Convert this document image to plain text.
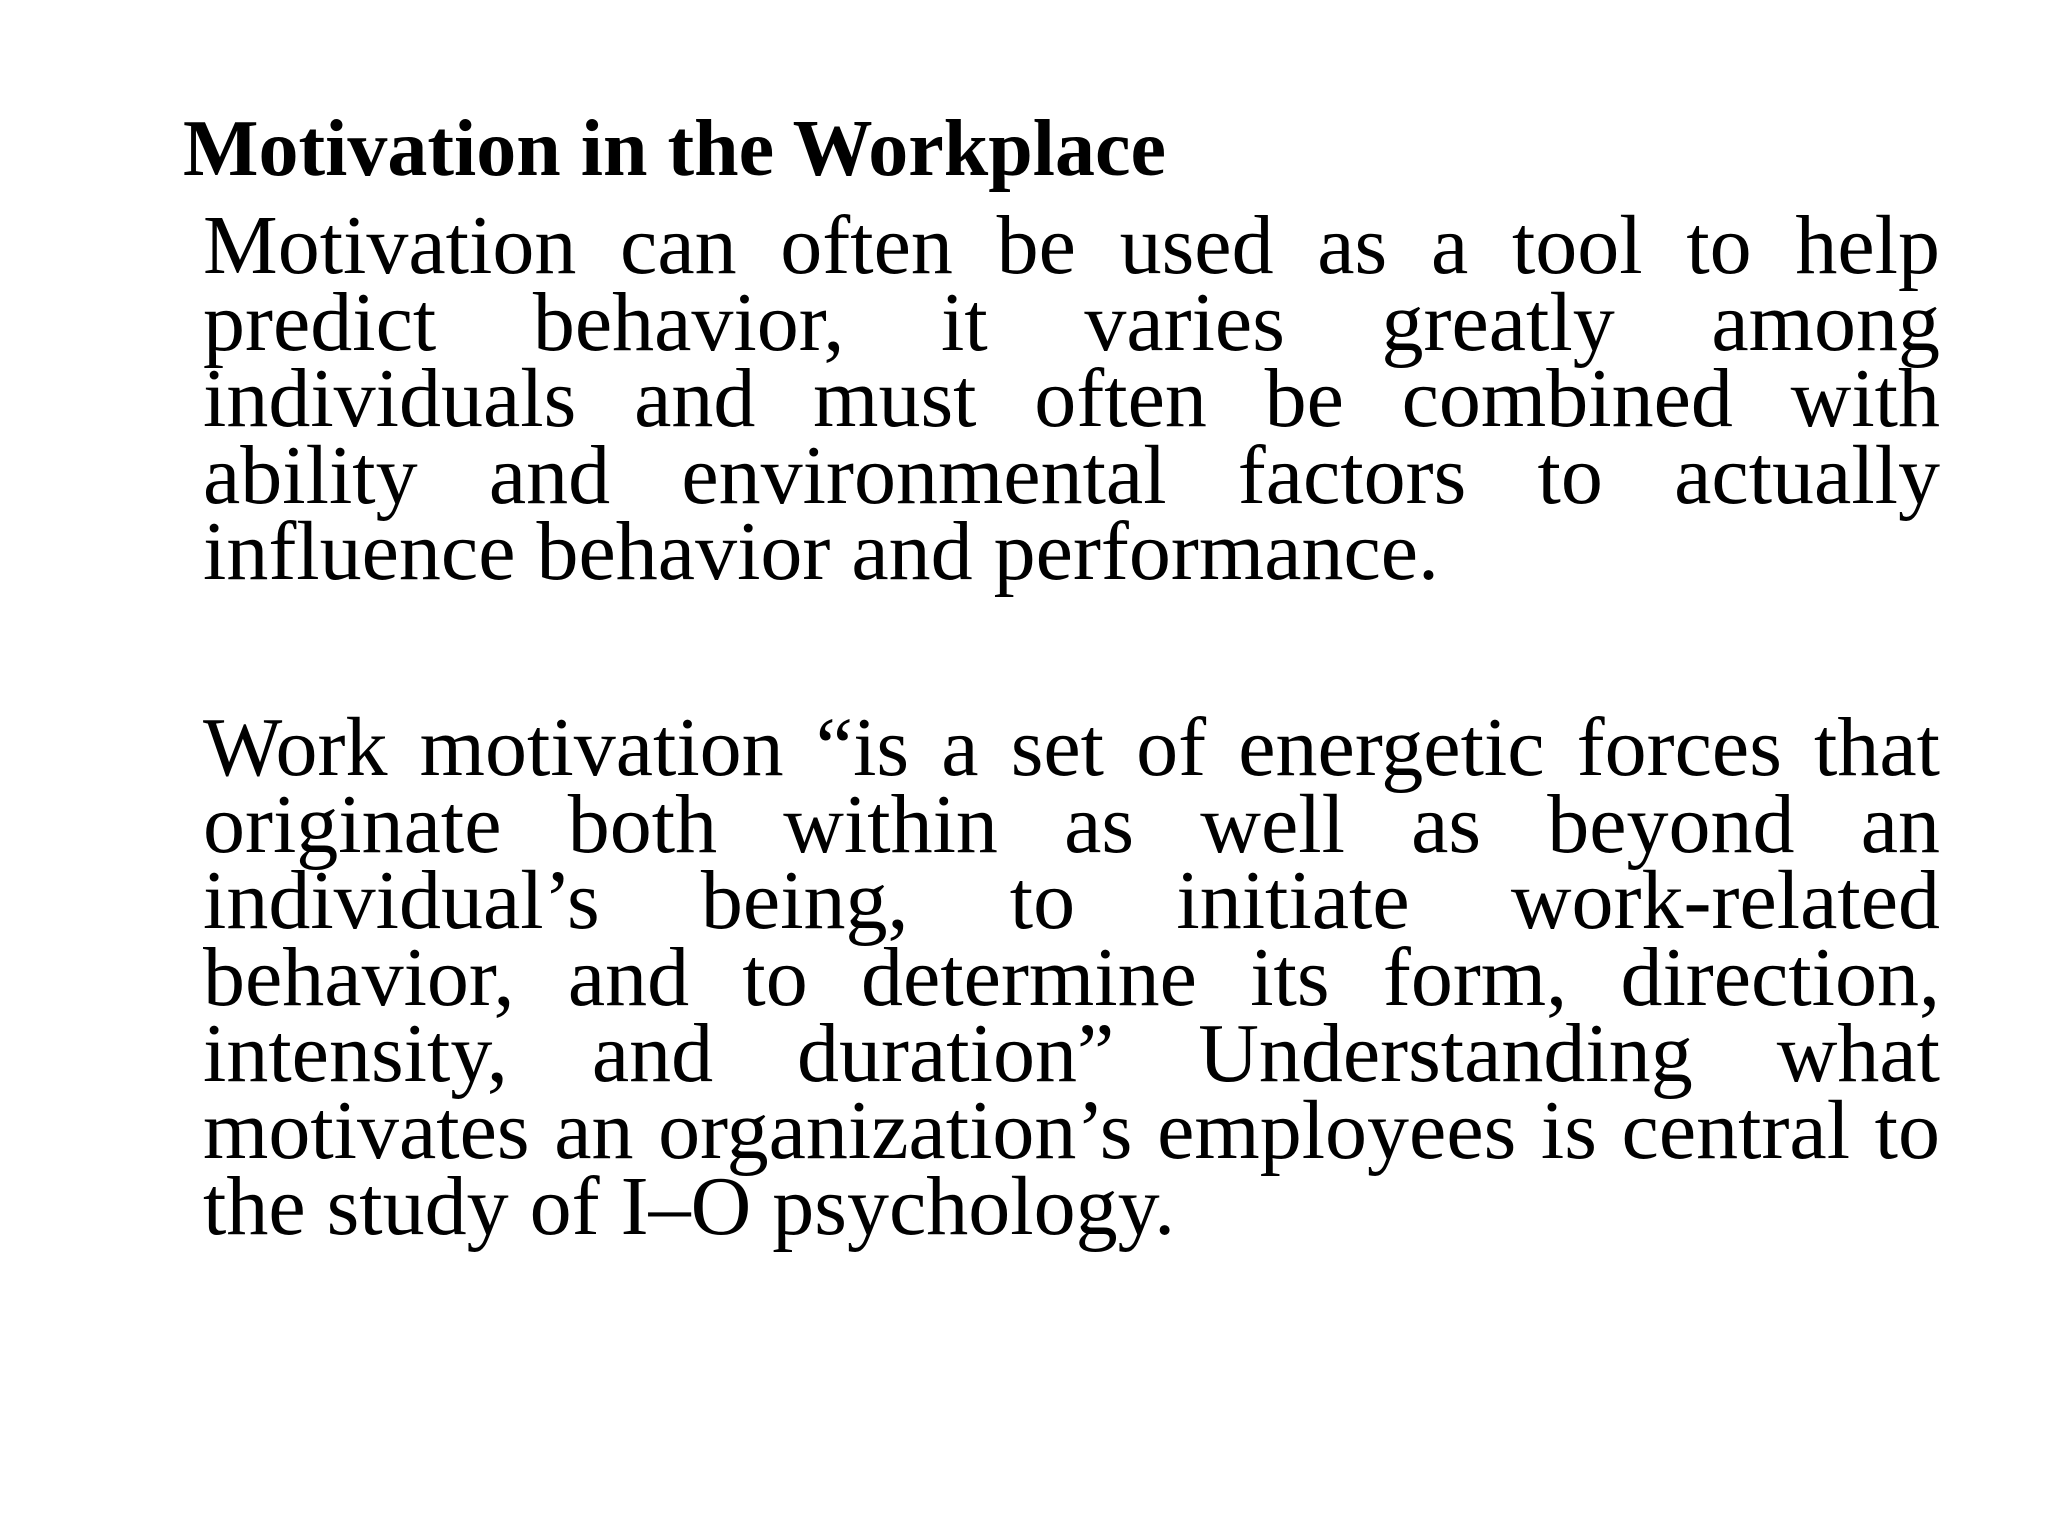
Motivation in the Workplace

Motivation can often be used as a tool to help predict behavior, it varies greatly among individuals and must often be combined with ability and environmental factors to actually influence behavior and performance.

Work motivation “is a set of energetic forces that originate both within as well as beyond an individual’s being, to initiate work-related behavior, and to determine its form, direction, intensity, and duration” Understanding what motivates an organization’s employees is central to the study of I–O psychology.
